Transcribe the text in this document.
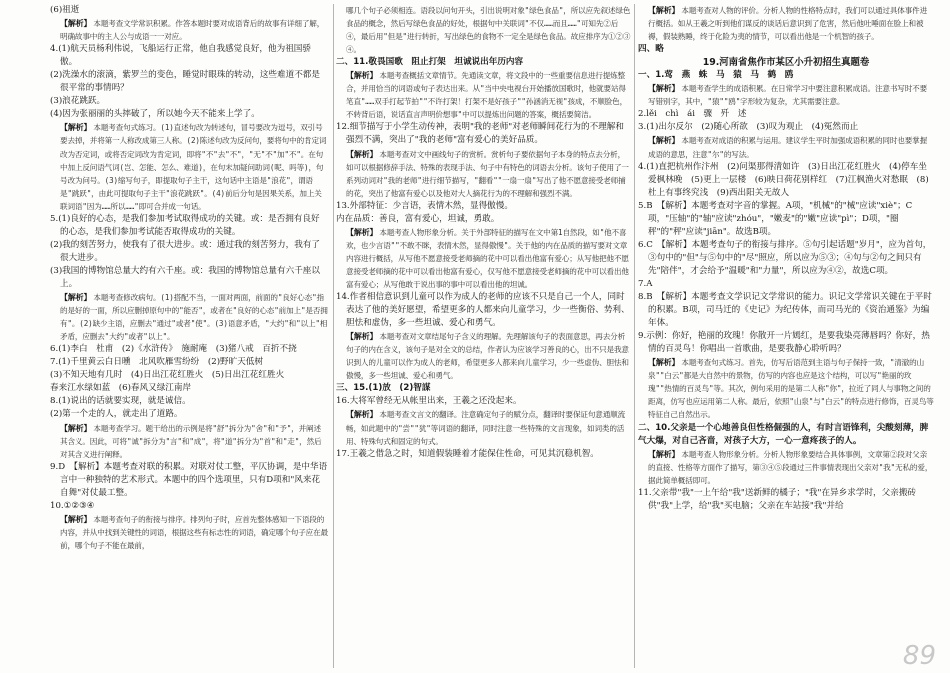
(6)祖逝

【解析】 本题考查文学常识积累。作答本题时要对成语背后的故事有详细了解，明确故事中的主人公与成语一一对应。

4.(1)航天员杨利伟说，飞船运行正常，他自我感觉良好，他为祖国骄傲。

(2)洗澡水的滚滴，紫罗兰的变色，睡觉时眼珠的转动，这些难道不都是很平常的事情吗？

(3)浪花跳跃。

(4)因为张丽丽的头摔破了，所以她今天不能来上学了。

【解析】 本题考查句式练习。(1)直述句改为转述句，冒号要改为逗号，双引号要去掉，并将第一人称改成第三人称。(2)陈述句改为反问句，要将句中的肯定词改为否定词，或将否定词改为肯定词，即将"不"去"不"，"无"不"加"不"。在句中加上反问语气词(岂、怎能、怎么、难道)，在句末加疑问助词(呢、吗等)，句号改为问号。(3)缩写句子，即提取句子主干，这句话中主语是"浪花"，谓语是"跳跃"，由此可提取句子主干"浪花跳跃"。(4)前后分句是因果关系，加上关联词语"因为……所以……"即可合并成一句话。

5.(1)良好的心态，是我们参加考试取得成功的关键。或：是否拥有良好的心态，是我们参加考试能否取得成功的关键。

(2)我的刻苦努力，使我有了很大进步。或：通过我的刻苦努力，我有了很大进步。

(3)我国的博物馆总量大约有六千座。或：我国的博物馆总量有六千座以上。

【解析】 本题考查修改病句。(1)搭配不当，一面对两面，前面的"良好心态"指的是好的一面，所以应删掉原句中的"能否"，或者在"良好的心态"前加上"是否拥有"。(2)缺少主语，应删去"通过"或者"使"。(3)语意矛盾，"大约"和"以上"相矛盾，应删去"大约"或者"以上"。

6.(1)李白　杜甫　(2)《水浒传》　施耐庵　(3)猪八戒　百折不挠

7.(1)千里黄云白日曛　北风吹雁雪纷纷　(2)野旷天低树

(3)不知天地有几时　(4)日出江花红胜火　(5)日出江花红胜火

春来江水绿如蓝　(6)春风又绿江南岸

8.(1)说出的话就要实现，就是诚信。

(2)第一个走的人，就走出了道路。

【解析】 本题考查学习。题干给出的示例是将"舒"拆分为"舍"和"予"，并阐述其含义。因此，可将"诚"拆分为"言"和"成"，将"道"拆分为"首"和"走"，然后对其含义进行阐释。

9.D　【解析】本题考查对联的积累。对联对仗工整，平仄协调，是中华语言中一种独特的艺术形式。本题中的四个选项里，只有D项和"风来花自舞"对仗最工整。

10.①②③④

【解析】 本题考查句子的衔接与排序。排列句子时，应首先整体感知一下语段的内容，并从中找到关键性的词语，根据这些有标志性的词语，确定哪个句子应在最前，哪个句子不能在最前，
哪几个句子必须相连。语段以问句开头，引出说明对象"绿色食品"，所以应先叙述绿色食品的概念，然后写绿色食品的好处，根据句中关联词"不仅……而且……"可知先②后④，最后用"但是"进行转折，写出绿色的食物不一定全是绿色食品。故应排序为①②③④。

二、11.敬畏国歌　阻止打架　坦诚说出年历内容

【解析】 本题考查概括文章情节。先通读文章，将文段中的一些重要信息进行提炼整合，并用恰当的词语或句子表达出来。从"当中央电视台开始播放国歌时，他就要站得笔直"……双手打起节拍""不许打架！打架不是好孩子""孙涵消无视"孩成，不顺脸色，不转背后语，说话直言声明价想事"中可以提炼出问题的答案，概括要简洁。

12.细节描写于小学生动传神，表明"我的老师"对老师瞬间花行为的不理解和强烈不满，突出了"我的老师"富有爱心的美好品质。

【解析】 本题考查对文中画线句子的赏析。赏析句子要依据句子本身的特点去分析，如可以根据修辞手法、特殊的表现手法、句子中有特色的词语去分析。该句子使用了一系列动词对"我的老师"进行细节描写，"翻看""一扇一扇"写出了他不愿意接受老师捕的花，突出了他富有爱心以及他对大人摘花行为的不理解和强烈不满。

13.外部特征：少言语，表情木然，显得傲慢。

内在品质：善良，富有爱心，坦诚，勇敢。

【解析】 本题考查人物形象分析。关于外部特征的描写在文中第1自然段，如"他不喜欢，也少言语""不敢不眯，表情木然，显得傲慢"。关于他的内在品质的描写要对文章内容进行概括，从写他不愿意接受老师摘的花中可以看出他富有爱心；从写他把他不愿意接受老师摘的花中可以看出他富有爱心，仅写他不愿意接受老师摘的花中可以看出他富有爱心；从写他敢于说出事的事中可以看出他的坦诚。

14.作者相信意识到儿童可以作为成人的老师的应该不只是自己一个人，同时表达了他的美好愿望，希望更多的人都来向儿童学习，少一些衡俗、势利、胆怯和虚伪，多一些坦诚、爱心和勇气。

【解析】 本题考查对文章结尾句子含义的理解。先理解该句子的表面意思，再去分析句子的内在含义，该句子是对全文的总结，作者认为应该学习善良的心，出不只是我意识到人的儿童可以作为成人的老师，希望更多人都来向儿童学习，少一些虚伪、胆怯和傲慢，多一些坦诚、爱心和勇气。

三、15.(1)放　(2)智謀

16.大将军曾经无从帐里出来，王羲之还没起来。

【解析】 本题考查文言文的翻译。注意确定句子的赋分点，翻译时要保证句意通顺流畅，如此题中的"尝""犹"等词语的翻译，同时注意一些特殊的文言现象，如词类的活用、特殊句式和固定的句式。

17.王羲之借急之时，知道假装睡着才能保住性命，可见其沉稳机智。

【解析】 本题考查对人物的评价。分析人物的性格特点时，我们可以通过具体事件进行概括。如从王羲之听到他们谋反的谈话后意识到了危害，然后他吐唾面在脸上和被褥，假装熟睡，终于化险为夷的情节，可以看出他是一个机智的孩子。

四、略

19.河南省焦作市某区小升初招生真题卷

一、1.莺　燕　蛛　马　猿　马　鹤　鸥

【解析】 本题考查学生的成语积累。在日常学习中要注意积累成语。注意书写时不要写错别字，其中，"猿""鸥"字形较为复杂，尤其需要注意。

2.lěi　chì　ái　骤　歼　述

3.(1)出尔反尔　(2)随心所欲　(3)叹为观止　(4)冤然而止

【解析】 本题考查对成语的积累与运用。建议学生平时加强成语积累的同时也要掌握成语的意思，注意"尔"的写法。

4.(1)直把杭州作汴州　(2)问渠那得清如许　(3)日出江花红胜火　(4)停车坐爱枫林晚　(5)更上一层楼　(6)映日荷花别样红　(7)江枫渔火对愁眠　(8)杜上有事终究浅　(9)西出阳关无故人

5.B　【解析】本题考查对字音的掌握。A项，"机械"的"械"应读"xiè"；C项，"压轴"的"轴"应读"zhóu"，"嫩麦"的"嫩"应读"pì"；D项，"圈秤"的"秤"应读"jiān"。故选B项。

6.C　【解析】本题考查句子的衔接与排序。⑤句引起话题"岁月"，应为首句，③句中的"但"与⑤句中的"尽"照应，所以应为⑤③；④句与②句之间只有先"陪伴"，才会给予"温暖"和"力量"，所以应为④②，故选C项。

7.A

8.B　【解析】本题考查文学识记文学常识的能力。识记文学常识关键在于平时的积累。B项，司马迁的《史记》为纪传体，而司马光的《资治通鉴》为编年体。

9.示例：你好，艳丽的玫瑰！你散开一片嫣红，是要我染亮薄唇吗？你好，热情的百灵鸟！你唱出一首歌曲，是要我静心聆听吗？

【解析】 本题考查句式练习。首先，仿写后语范到主语与句子保持一致，"清澈的山泉""白云"都是大自然中的景物，仿写的内容也应是这个结构，可以写"艳丽的玫瑰""热情的百灵鸟"等。其次，例句采用的是第二人称"你"，拉近了同人与事物之间的距离，仿写也应运用第二人称。最后，依照"山泉"与"白云"的特点进行修饰，百灵鸟等特征自己自然出示。

二、10.父亲是一个心地善良但性格倔强的人，有时言语锋利，尖酸刻薄，脾气大爆，对自己吝啬，对孩子大方，一心一意疼孩子的人。

【解析】 本题考查人物形象分析。分析人物形象要结合具体事例，文章第②段对父亲的直接、性格等方面作了描写，第③④⑤段通过三件事情表现出父亲对"我"无私的爱，据此简单概括即可。

11.父亲带"我"一上午给"我"送新鲜的橘子；"我"在异乡求学时，父亲搬砖供"我"上学，给"我"买电脑；父亲在车站接"我"并给

89
